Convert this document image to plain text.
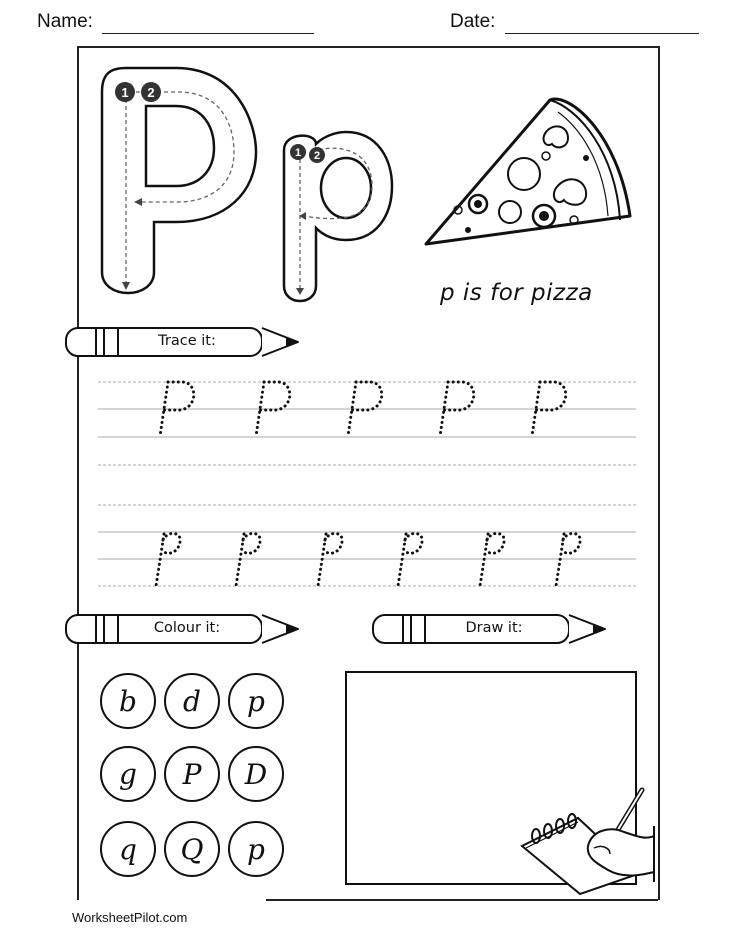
Name:	Date:
1 2
1 2
p is for pizza
Trace it:
Colour it:	Draw it:
b	d	p
g	P	D
q	Q	p
WorksheetPilot.com
